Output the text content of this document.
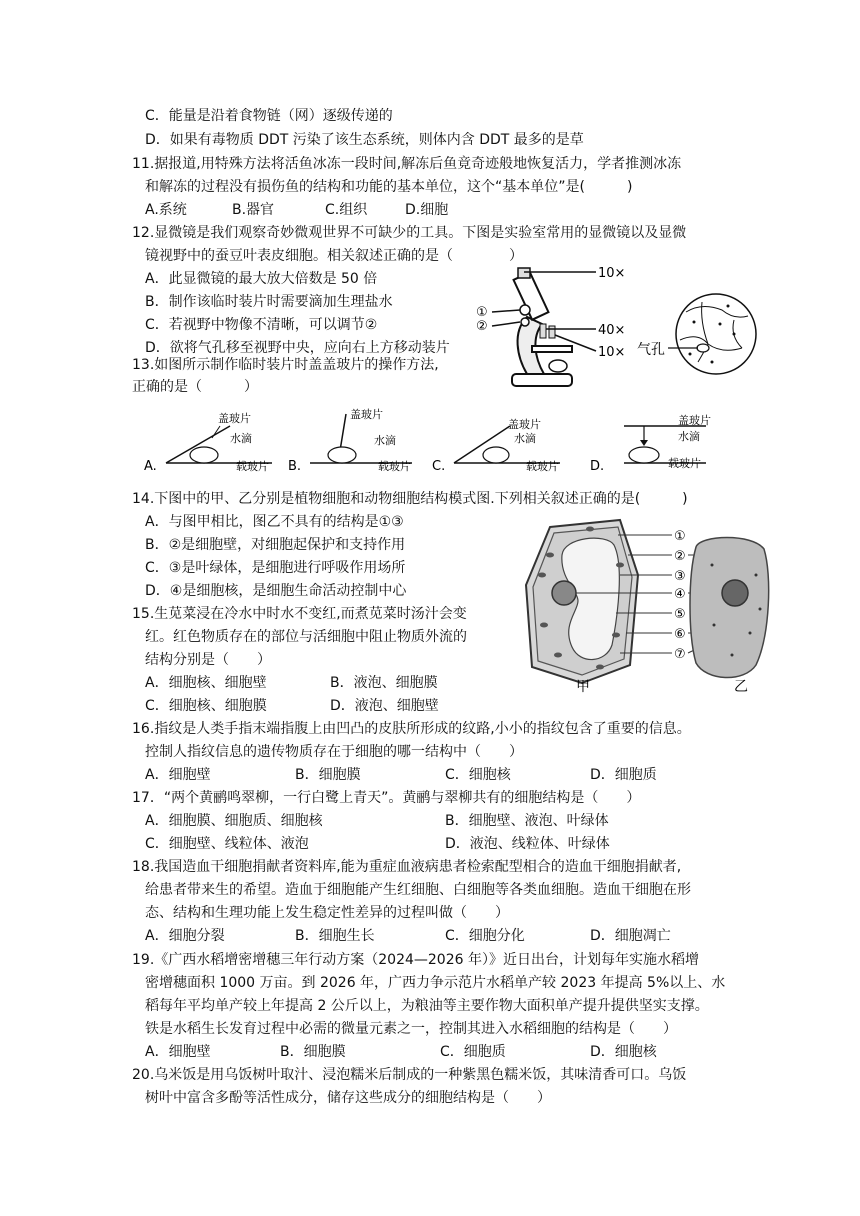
C．能量是沿着食物链（网）逐级传递的
D．如果有毒物质 DDT 污染了该生态系统，则体内含 DDT 最多的是草
11.据报道,用特殊方法将活鱼冰冻一段时间,解冻后鱼竟奇迹般地恢复活力，学者推测冰冻
和解冻的过程没有损伤鱼的结构和功能的基本单位，这个“基本单位”是(　　　)
A.系统	B.器官	C.组织	D.细胞
12.显微镜是我们观察奇妙微观世界不可缺少的工具。下图是实验室常用的显微镜以及显微
镜视野中的蚕豆叶表皮细胞。相关叙述正确的是（　　　　）
A．此显微镜的最大放大倍数是 50 倍
B．制作该临时装片时需要滴加生理盐水
C．若视野中物像不清晰，可以调节②
D．欲将气孔移至视野中央，应向右上方移动装片
10×
40×
10×
①
②
气孔
13.如图所示制作临时装片时盖盖玻片的操作方法,
正确的是（　　　）
A.
盖玻片
水滴
载玻片 B.
盖玻片
水滴
载玻片 C.
盖玻片
水滴
载玻片 D.
盖玻片
水滴
载玻片
14.下图中的甲、乙分别是植物细胞和动物细胞结构模式图.下列相关叙述正确的是(　　　)
A．与图甲相比，图乙不具有的结构是①③
B．②是细胞壁，对细胞起保护和支持作用
C．③是叶绿体，是细胞进行呼吸作用场所
D．④是细胞核，是细胞生命活动控制中心
①
②
③
④
⑤
⑥
⑦
甲	乙
15.生苋菜浸在冷水中时水不变红,而煮苋菜时汤汁会变
红。红色物质存在的部位与活细胞中阻止物质外流的
结构分别是（　　）
A．细胞核、细胞壁	B．液泡、细胞膜
C．细胞核、细胞膜	D．液泡、细胞壁
16.指纹是人类手指末端指腹上由凹凸的皮肤所形成的纹路,小小的指纹包含了重要的信息。
控制人指纹信息的遗传物质存在于细胞的哪一结构中（　　）
A．细胞壁	B．细胞膜	C．细胞核	D．细胞质
17．“两个黄鹂鸣翠柳，一行白鹭上青天”。黄鹂与翠柳共有的细胞结构是（　　）
A．细胞膜、细胞质、细胞核	B．细胞壁、液泡、叶绿体
C．细胞壁、线粒体、液泡	D．液泡、线粒体、叶绿体
18.我国造血干细胞捐献者资料库,能为重症血液病患者检索配型相合的造血干细胞捐献者,
给患者带来生的希望。造血于细胞能产生红细胞、白细胞等各类血细胞。造血干细胞在形
态、结构和生理功能上发生稳定性差异的过程叫做（　　）
A．细胞分裂	B．细胞生长	C．细胞分化	D．细胞凋亡
19.《广西水稻增密增穗三年行动方案（2024—2026 年）》近日出台，计划每年实施水稻增
密增穗面积 1000 万亩。到 2026 年，广西力争示范片水稻单产较 2023 年提高 5%以上、水
稻每年平均单产较上年提高 2 公斤以上，为粮油等主要作物大面积单产提升提供坚实支撑。
铁是水稻生长发育过程中必需的微量元素之一，控制其进入水稻细胞的结构是（　　）
A．细胞壁	B．细胞膜	C．细胞质	D．细胞核
20.乌米饭是用乌饭树叶取汁、浸泡糯米后制成的一种紫黑色糯米饭，其味清香可口。乌饭
树叶中富含多酚等活性成分，储存这些成分的细胞结构是（　　）
